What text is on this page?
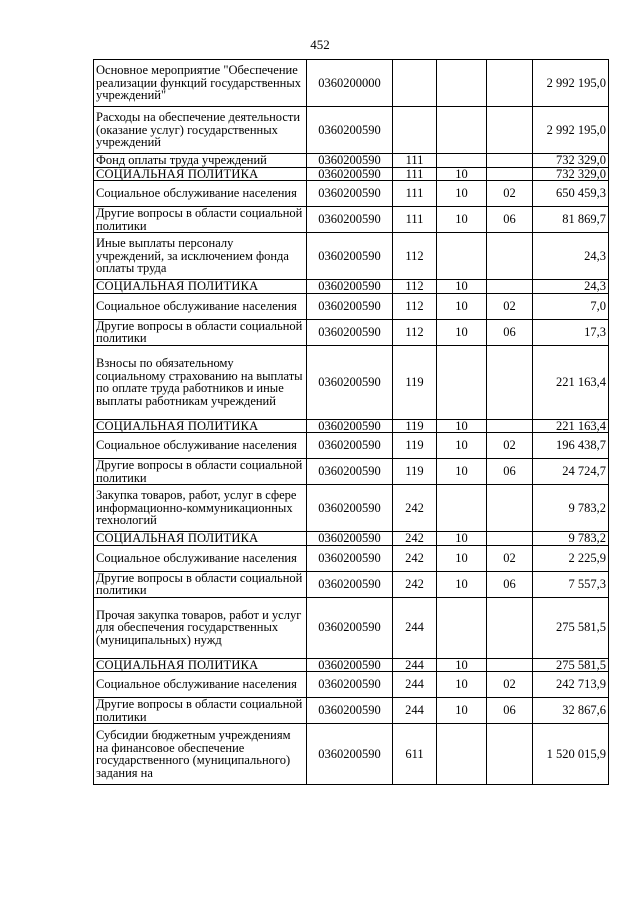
452
Основное мероприятие "Обеспечение реализации функций государственных учреждений"	0360200000				2 992 195,0
Расходы на обеспечение деятельности (оказание услуг) государственных учреждений	0360200590				2 992 195,0
Фонд оплаты труда учреждений	0360200590	111			732 329,0
СОЦИАЛЬНАЯ ПОЛИТИКА	0360200590	111	10		732 329,0
Социальное обслуживание населения	0360200590	111	10	02	650 459,3
Другие вопросы в области социальной политики	0360200590	111	10	06	81 869,7
Иные выплаты персоналу учреждений, за исключением фонда оплаты труда	0360200590	112			24,3
СОЦИАЛЬНАЯ ПОЛИТИКА	0360200590	112	10		24,3
Социальное обслуживание населения	0360200590	112	10	02	7,0
Другие вопросы в области социальной политики	0360200590	112	10	06	17,3
Взносы по обязательному социальному страхованию на выплаты по оплате труда работников и иные выплаты работникам учреждений	0360200590	119			221 163,4
СОЦИАЛЬНАЯ ПОЛИТИКА	0360200590	119	10		221 163,4
Социальное обслуживание населения	0360200590	119	10	02	196 438,7
Другие вопросы в области социальной политики	0360200590	119	10	06	24 724,7
Закупка товаров, работ, услуг в сфере информационно-коммуникационных технологий	0360200590	242			9 783,2
СОЦИАЛЬНАЯ ПОЛИТИКА	0360200590	242	10		9 783,2
Социальное обслуживание населения	0360200590	242	10	02	2 225,9
Другие вопросы в области социальной политики	0360200590	242	10	06	7 557,3
Прочая закупка товаров, работ и услуг для обеспечения государственных (муниципальных) нужд	0360200590	244			275 581,5
СОЦИАЛЬНАЯ ПОЛИТИКА	0360200590	244	10		275 581,5
Социальное обслуживание населения	0360200590	244	10	02	242 713,9
Другие вопросы в области социальной политики	0360200590	244	10	06	32 867,6
Субсидии бюджетным учреждениям на финансовое обеспечение государственного (муниципального) задания на	0360200590	611			1 520 015,9
